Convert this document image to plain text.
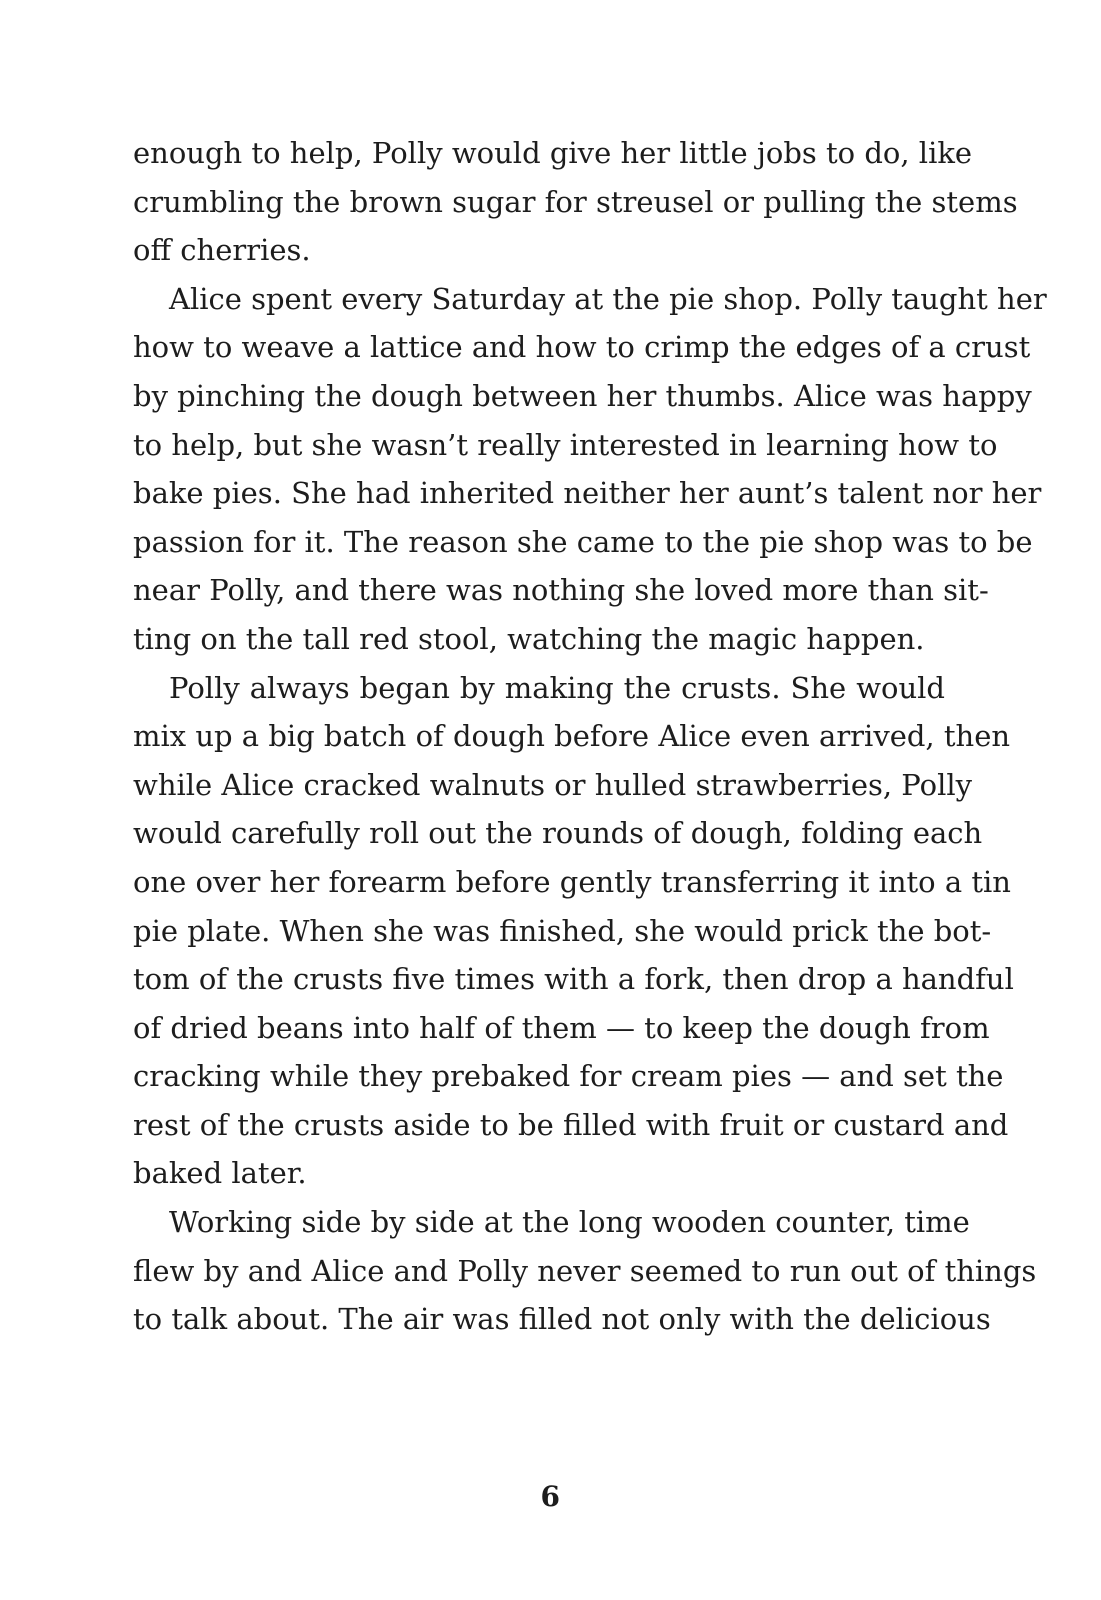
enough to help, Polly would give her little jobs to do, like
crumbling the brown sugar for streusel or pulling the stems
off cherries.
Alice spent every Saturday at the pie shop. Polly taught her
how to weave a lattice and how to crimp the edges of a crust
by pinching the dough between her thumbs. Alice was happy
to help, but she wasn’t really interested in learning how to
bake pies. She had inherited neither her aunt’s talent nor her
passion for it. The reason she came to the pie shop was to be
near Polly, and there was nothing she loved more than sit-
ting on the tall red stool, watching the magic happen.
Polly always began by making the crusts. She would
mix up a big batch of dough before Alice even arrived, then
while Alice cracked walnuts or hulled strawberries, Polly
would carefully roll out the rounds of dough, folding each
one over her forearm before gently transferring it into a tin
pie plate. When she was finished, she would prick the bot-
tom of the crusts five times with a fork, then drop a handful
of dried beans into half of them — to keep the dough from
cracking while they prebaked for cream pies — and set the
rest of the crusts aside to be filled with fruit or custard and
baked later.
Working side by side at the long wooden counter, time
flew by and Alice and Polly never seemed to run out of things
to talk about. The air was filled not only with the delicious
6
